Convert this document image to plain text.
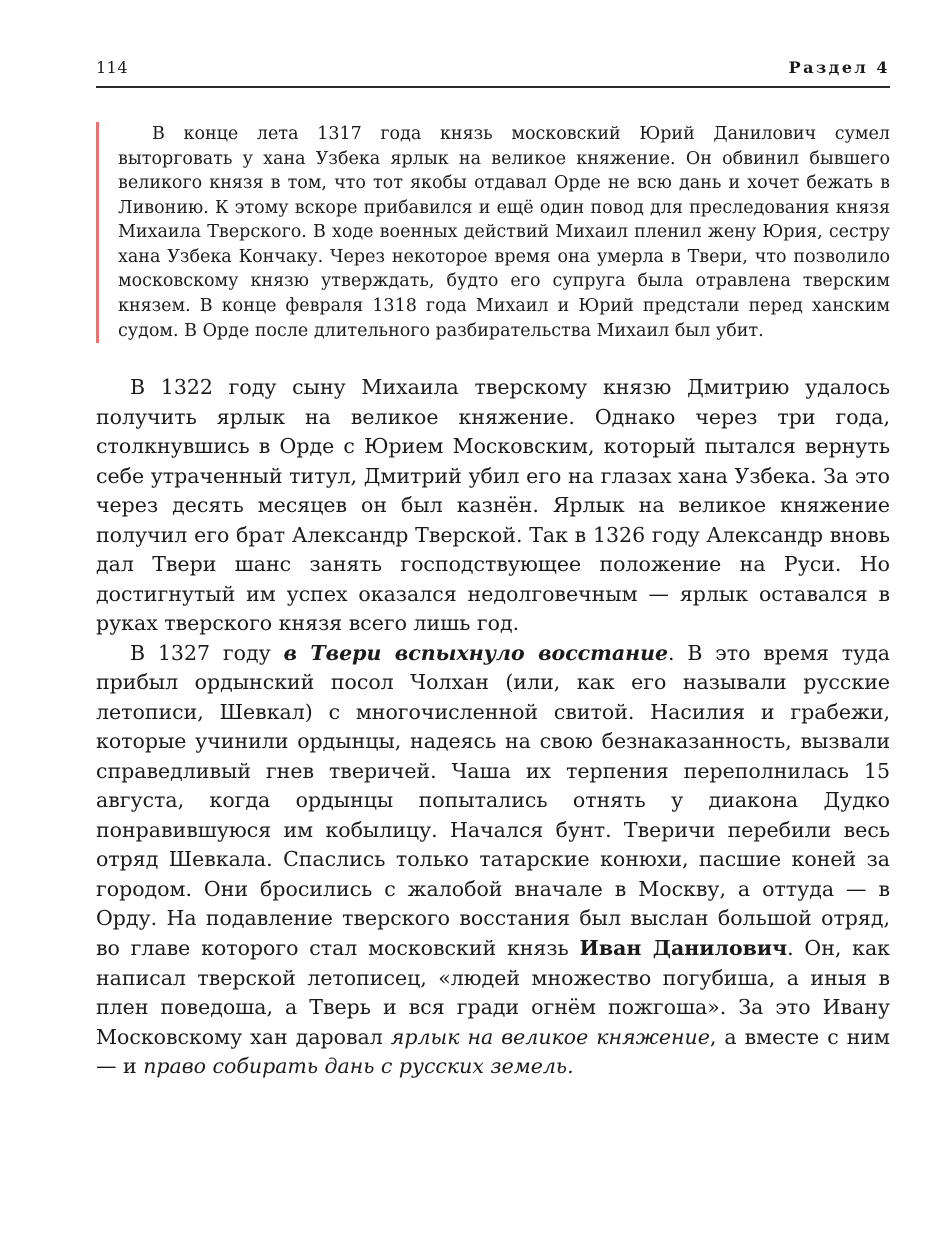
114	Раздел 4

В конце лета 1317 года князь московский Юрий Данилович сумел выторговать у хана Узбека ярлык на великое княжение. Он обвинил бывшего великого князя в том, что тот якобы отдавал Орде не всю дань и хочет бежать в Ливонию. К этому вскоре прибавился и ещё один повод для преследования князя Михаила Тверского. В ходе военных действий Михаил пленил жену Юрия, сестру хана Узбека Кончаку. Через некоторое время она умерла в Твери, что позволило московскому князю утверждать, будто его супруга была отравлена тверским князем. В конце февраля 1318 года Михаил и Юрий предстали перед ханским судом. В Орде после длительного разбирательства Михаил был убит.

В 1322 году сыну Михаила тверскому князю Дмитрию удалось получить ярлык на великое княжение. Однако через три года, столкнувшись в Орде с Юрием Московским, который пытался вернуть себе утраченный титул, Дмитрий убил его на глазах хана Узбека. За это через десять месяцев он был казнён. Ярлык на великое княжение получил его брат Александр Тверской. Так в 1326 году Александр вновь дал Твери шанс занять господствующее положение на Руси. Но достигнутый им успех оказался недолговечным — ярлык оставался в руках тверского князя всего лишь год.

В 1327 году в Твери вспыхнуло восстание. В это время туда прибыл ордынский посол Чолхан (или, как его называли русские летописи, Шевкал) с многочисленной свитой. Насилия и грабежи, которые учинили ордынцы, надеясь на свою безнаказанность, вызвали справедливый гнев тверичей. Чаша их терпения переполнилась 15 августа, когда ордынцы попытались отнять у диакона Дудко понравившуюся им кобылицу. Начался бунт. Тверичи перебили весь отряд Шевкала. Спаслись только татарские конюхи, пасшие коней за городом. Они бросились с жалобой вначале в Москву, а оттуда — в Орду. На подавление тверского восстания был выслан большой отряд, во главе которого стал московский князь Иван Данилович. Он, как написал тверской летописец, «людей множество погубиша, а иныя в плен поведоша, а Тверь и вся гради огнём пожгоша». За это Ивану Московскому хан даровал ярлык на великое княжение, а вместе с ним — и право собирать дань с русских земель.
